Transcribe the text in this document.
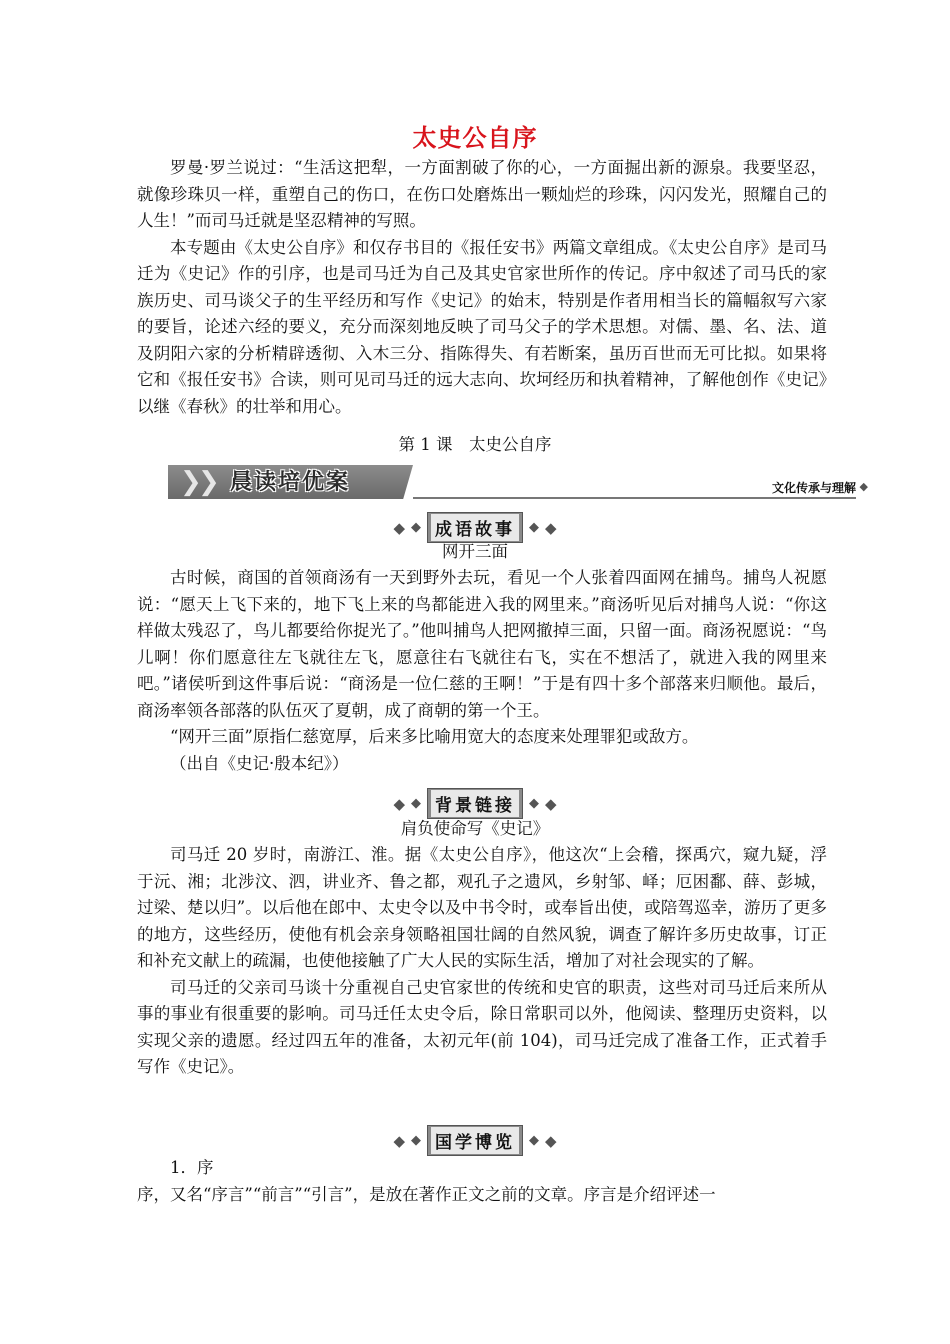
太史公自序

罗曼·罗兰说过：“生活这把犁，一方面割破了你的心，一方面掘出新的源泉。我要坚忍，就像珍珠贝一样，重塑自己的伤口，在伤口处磨炼出一颗灿烂的珍珠，闪闪发光，照耀自己的人生！”而司马迁就是坚忍精神的写照。

本专题由《太史公自序》和仅存书目的《报任安书》两篇文章组成。《太史公自序》是司马迁为《史记》作的引序，也是司马迁为自己及其史官家世所作的传记。序中叙述了司马氏的家族历史、司马谈父子的生平经历和写作《史记》的始末，特别是作者用相当长的篇幅叙写六家的要旨，论述六经的要义，充分而深刻地反映了司马父子的学术思想。对儒、墨、名、法、道及阴阳六家的分析精辟透彻、入木三分、指陈得失、有若断案，虽历百世而无可比拟。如果将它和《报任安书》合读，则可见司马迁的远大志向、坎坷经历和执着精神，了解他创作《史记》以继《春秋》的壮举和用心。

第 1 课　太史公自序
❯
❯ 晨读培优案	文化传承与理解 ◆
◆ ◆ 成语故事	◆ ◆
网开三面

古时候，商国的首领商汤有一天到野外去玩，看见一个人张着四面网在捕鸟。捕鸟人祝愿说：“愿天上飞下来的，地下飞上来的鸟都能进入我的网里来。”商汤听见后对捕鸟人说：“你这样做太残忍了，鸟儿都要给你捉光了。”他叫捕鸟人把网撤掉三面，只留一面。商汤祝愿说：“鸟儿啊！你们愿意往左飞就往左飞，愿意往右飞就往右飞，实在不想活了，就进入我的网里来吧。”诸侯听到这件事后说：“商汤是一位仁慈的王啊！”于是有四十多个部落来归顺他。最后，商汤率领各部落的队伍灭了夏朝，成了商朝的第一个王。

“网开三面”原指仁慈宽厚，后来多比喻用宽大的态度来处理罪犯或敌方。

（出自《史记·殷本纪》）

◆ ◆ 背景链接	◆ ◆
肩负使命写《史记》

司马迁 20 岁时，南游江、淮。据《太史公自序》，他这次“上会稽，探禹穴，窥九疑，浮于沅、湘；北涉汶、泗，讲业齐、鲁之都，观孔子之遗风，乡射邹、峄；厄困鄱、薛、彭城，过梁、楚以归”。以后他在郎中、太史令以及中书令时，或奉旨出使，或陪驾巡幸，游历了更多的地方，这些经历，使他有机会亲身领略祖国壮阔的自然风貌，调查了解许多历史故事，订正和补充文献上的疏漏，也使他接触了广大人民的实际生活，增加了对社会现实的了解。

司马迁的父亲司马谈十分重视自己史官家世的传统和史官的职责，这些对司马迁后来所从事的事业有很重要的影响。司马迁任太史令后，除日常职司以外，他阅读、整理历史资料，以实现父亲的遗愿。经过四五年的准备，太初元年(前 104)，司马迁完成了准备工作，正式着手写作《史记》。

◆ ◆ 国学博览	◆ ◆

1．序

序，又名“序言”“前言”“引言”，是放在著作正文之前的文章。序言是介绍评述一
